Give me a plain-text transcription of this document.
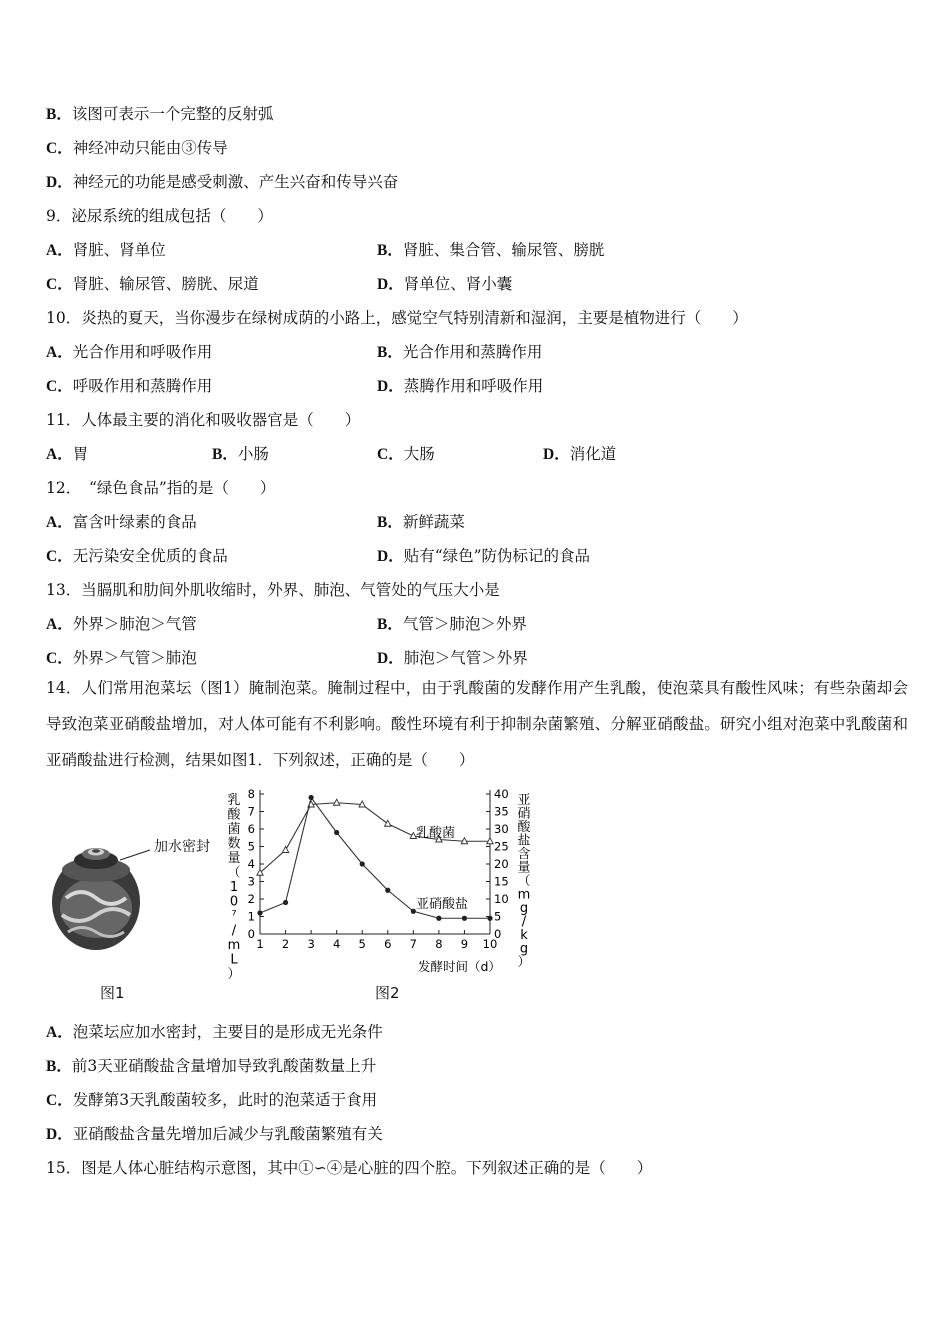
B．该图可表示一个完整的反射弧
C．神经冲动只能由③传导
D．神经元的功能是感受刺激、产生兴奋和传导兴奋
9．泌尿系统的组成包括（　　）
A．肾脏、肾单位	B．肾脏、集合管、输尿管、膀胱
C．肾脏、输尿管、膀胱、尿道	D．肾单位、肾小囊
10．炎热的夏天，当你漫步在绿树成荫的小路上，感觉空气特别清新和湿润，主要是植物进行（　　）
A．光合作用和呼吸作用	B．光合作用和蒸腾作用
C．呼吸作用和蒸腾作用	D．蒸腾作用和呼吸作用
11．人体最主要的消化和吸收器官是（　　）
A．胃	B．小肠	C．大肠	D．消化道
12．　“绿色食品”指的是（　　）
A．富含叶绿素的食品	B．新鲜蔬菜
C．无污染安全优质的食品	D．贴有“绿色”防伪标记的食品
13．当膈肌和肋间外肌收缩时，外界、肺泡、气管处的气压大小是
A．外界＞肺泡＞气管	B．气管＞肺泡＞外界
C．外界＞气管＞肺泡	D．肺泡＞气管＞外界
14．人们常用泡菜坛（图1）腌制泡菜。腌制过程中，由于乳酸菌的发酵作用产生乳酸，使泡菜具有酸性风味；有些杂菌却会导致泡菜亚硝酸盐增加，对人体可能有不利影响。酸性环境有利于抑制杂菌繁殖、分解亚硝酸盐。研究小组对泡菜中乳酸菌和亚硝酸盐进行检测，结果如图1．下列叙述，正确的是（　　）
加水密封
图1
乳酸菌数量（ 1 0 ⁷ / m L ）
亚硝酸盐含量（ m g / k g ）
0
1
2
3
4
5
6
7
8
0
5
10
15
20
25
30
35
40
1 2 3 4 5 6 7 8 9 10
乳酸菌
亚硝酸盐
发酵时间（d）
图2
A．泡菜坛应加水密封，主要目的是形成无光条件
B．前3天亚硝酸盐含量增加导致乳酸菌数量上升
C．发酵第3天乳酸菌较多，此时的泡菜适于食用
D．亚硝酸盐含量先增加后减少与乳酸菌繁殖有关
15．图是人体心脏结构示意图，其中①∽④是心脏的四个腔。下列叙述正确的是（　　）
